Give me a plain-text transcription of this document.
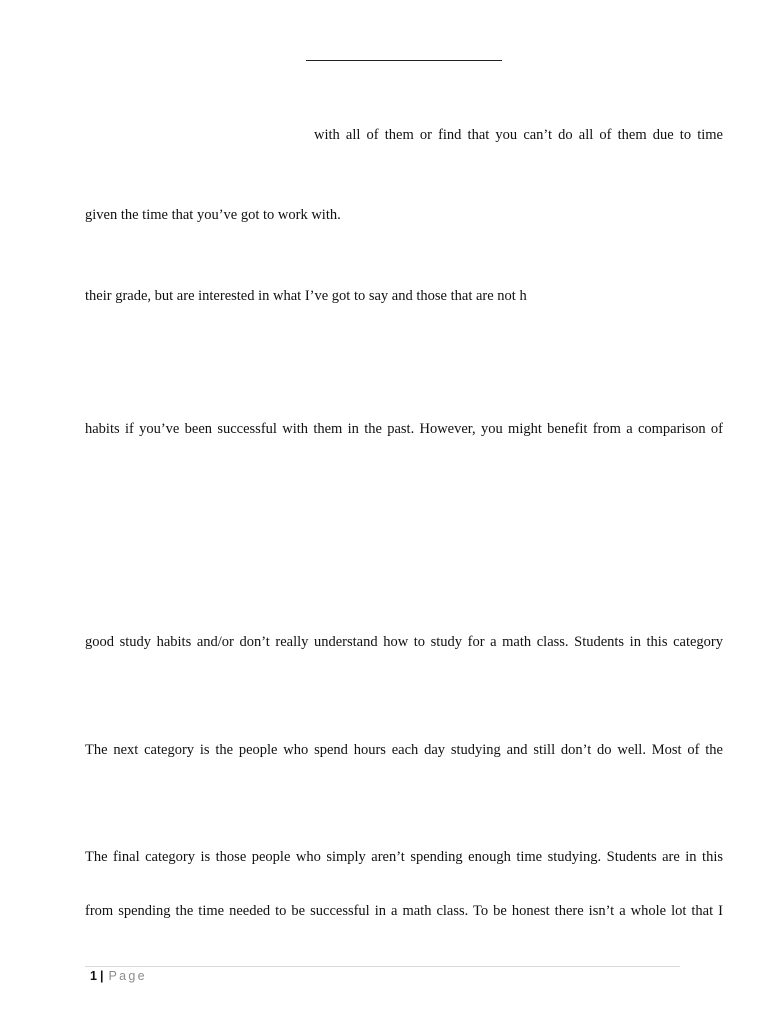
with all of them or find that you can’t do all of them due to time
given the time that you’ve got to work with.
their grade, but are interested in what I’ve got to say and those that are not h
habits if you’ve been successful with them in the past. However, you might benefit from a comparison of
good study habits and/or don’t really understand how to study for a math class. Students in this category
The next category is the people who spend hours each day studying and still don’t do well. Most of the
The final category is those people who simply aren’t spending enough time studying. Students are in this
from spending the time needed to be successful in a math class. To be honest there isn’t a whole lot that I
1 | Page
